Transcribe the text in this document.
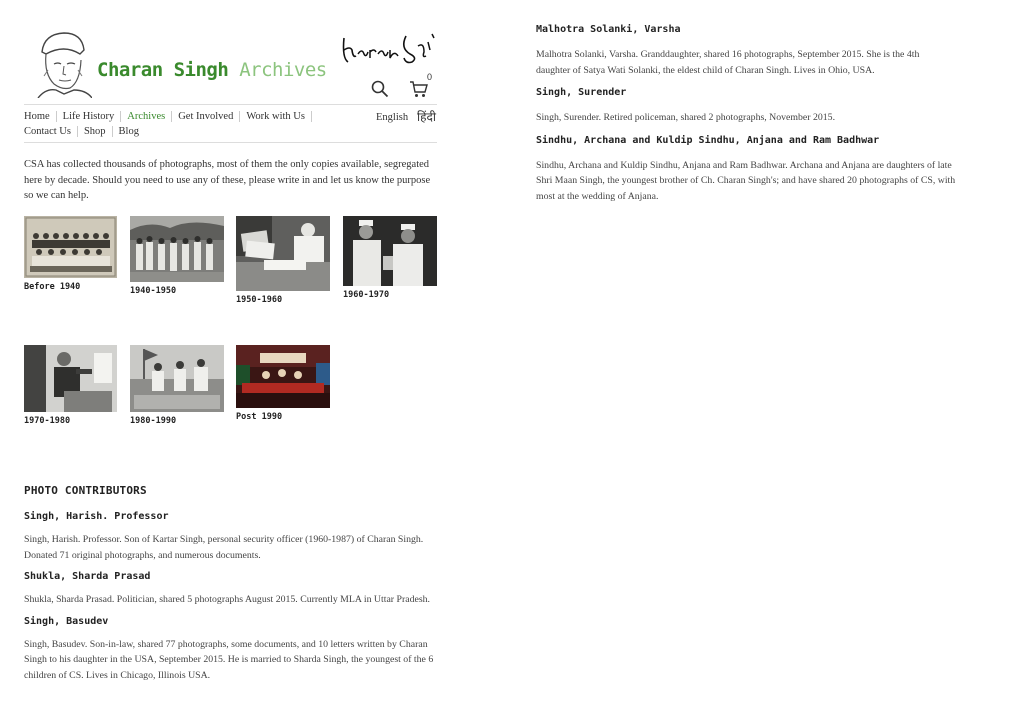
Charan Singh Archives	0
Home Life History Archives Get Involved Work with Us
Contact Us Shop Blog
English हिंदी

CSA has collected thousands of photographs, most of them the only copies available, segregated here by decade. Should you need to use any of these, please write in and let us know the purpose so we can help.

Before 1940	1940-1950
1950-1960	1960-1970
1970-1980	1980-1990	Post 1990
PHOTO CONTRIBUTORS
Singh, Harish. Professor

Singh, Harish. Professor. Son of Kartar Singh, personal security officer (1960-1987) of Charan Singh. Donated 71 original photographs, and numerous documents.

Shukla, Sharda Prasad

Shukla, Sharda Prasad. Politician, shared 5 photographs August 2015. Currently MLA in Uttar Pradesh.

Singh, Basudev

Singh, Basudev. Son-in-law, shared 77 photographs, some documents, and 10 letters written by Charan Singh to his daughter in the USA, September 2015. He is married to Sharda Singh, the youngest of the 6 children of CS. Lives in Chicago, Illinois USA.

Malhotra Solanki, Varsha

Malhotra Solanki, Varsha. Granddaughter, shared 16 photographs, September 2015. She is the 4th daughter of Satya Wati Solanki, the eldest child of Charan Singh. Lives in Ohio, USA.

Singh, Surender

Singh, Surender. Retired policeman, shared 2 photographs, November 2015.

Sindhu, Archana and Kuldip Sindhu, Anjana and Ram Badhwar

Sindhu, Archana and Kuldip Sindhu, Anjana and Ram Badhwar. Archana and Anjana are daughters of late Shri Maan Singh, the youngest brother of Ch. Charan Singh's; and have shared 20 photographs of CS, with most at the wedding of Anjana.
